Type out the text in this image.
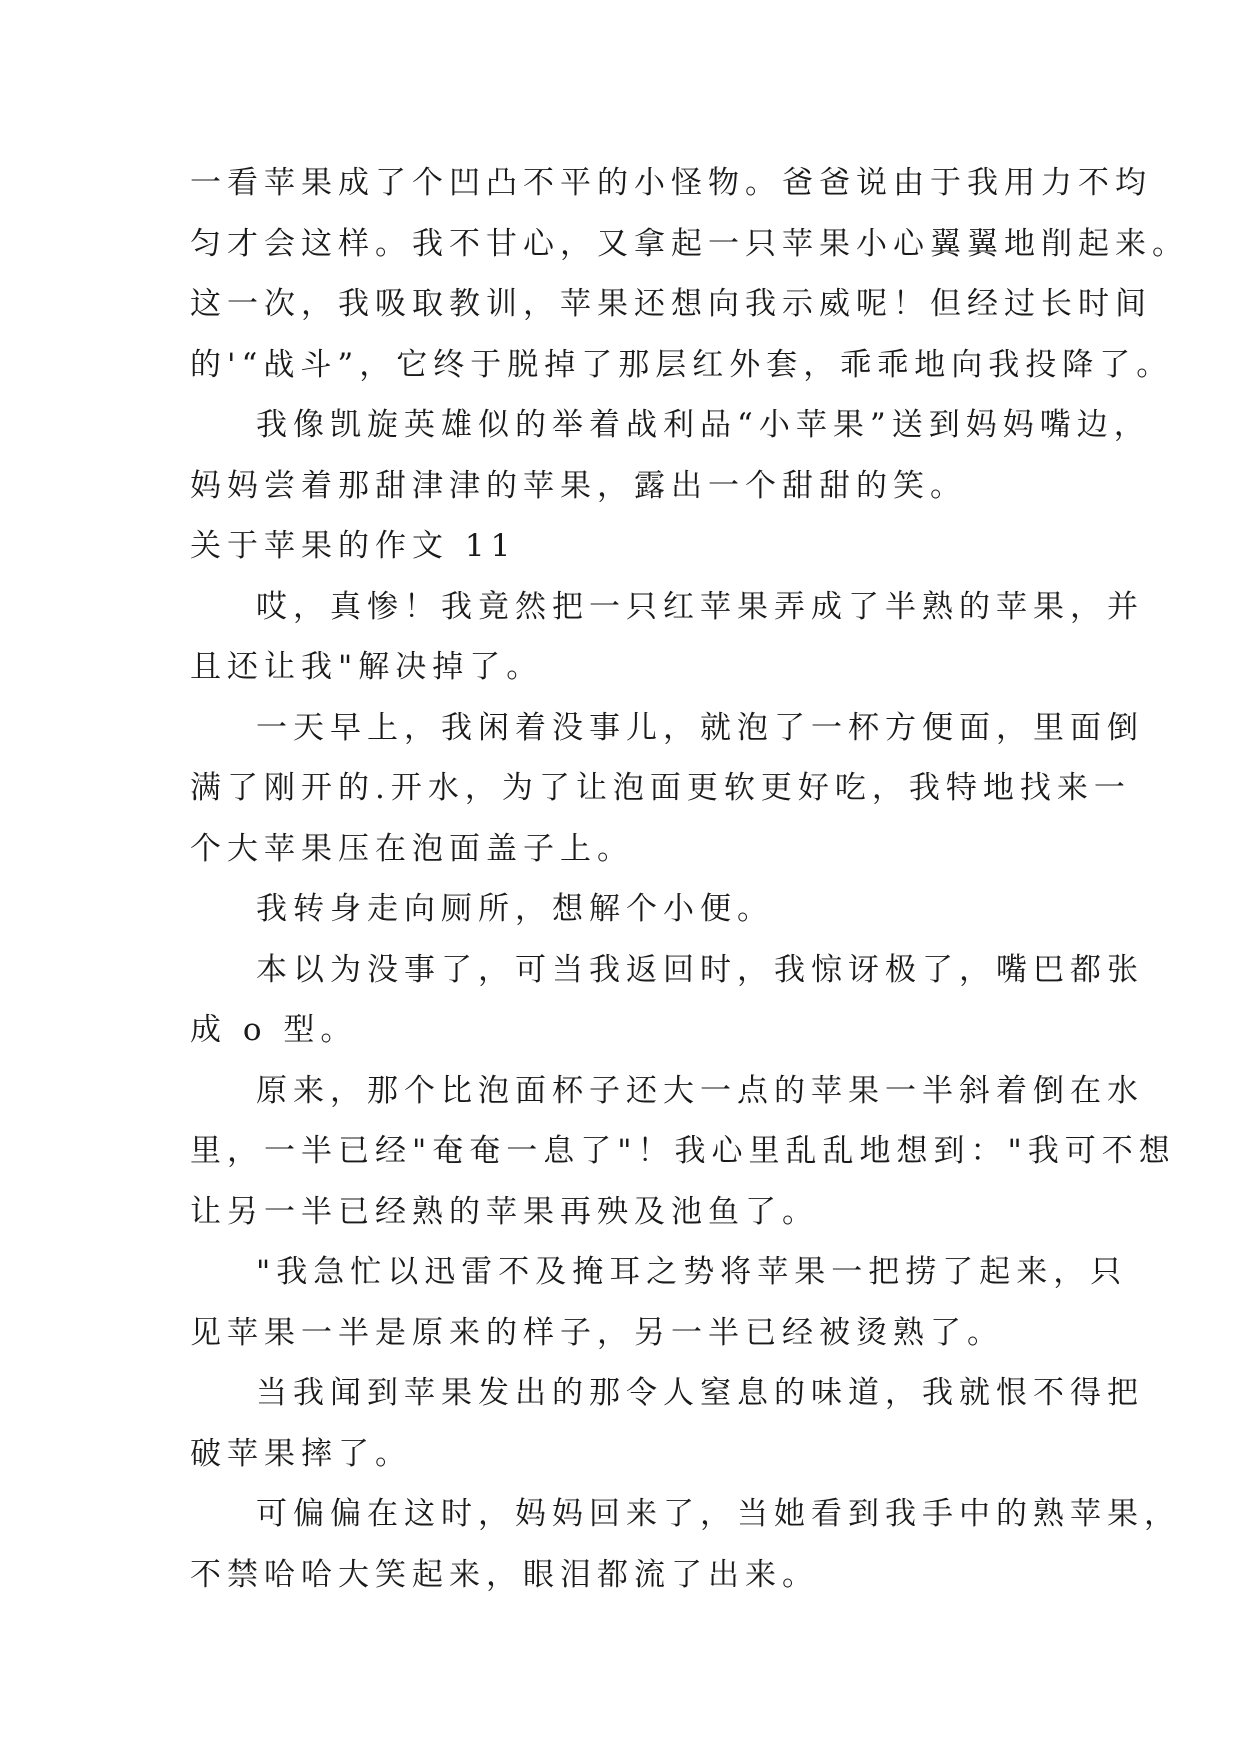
一看苹果成了个凹凸不平的小怪物。爸爸说由于我用力不均
匀才会这样。我不甘心，又拿起一只苹果小心翼翼地削起来。
这一次，我吸取教训，苹果还想向我示威呢！但经过长时间
的'“战斗”，它终于脱掉了那层红外套，乖乖地向我投降了。
我像凯旋英雄似的举着战利品“小苹果”送到妈妈嘴边，
妈妈尝着那甜津津的苹果，露出一个甜甜的笑。
关于苹果的作文 11
哎，真惨！我竟然把一只红苹果弄成了半熟的苹果，并
且还让我"解决掉了。
一天早上，我闲着没事儿，就泡了一杯方便面，里面倒
满了刚开的.开水，为了让泡面更软更好吃，我特地找来一
个大苹果压在泡面盖子上。
我转身走向厕所，想解个小便。
本以为没事了，可当我返回时，我惊讶极了，嘴巴都张
成 o 型。
原来，那个比泡面杯子还大一点的苹果一半斜着倒在水
里，一半已经"奄奄一息了"！我心里乱乱地想到："我可不想
让另一半已经熟的苹果再殃及池鱼了。
"我急忙以迅雷不及掩耳之势将苹果一把捞了起来，只
见苹果一半是原来的样子，另一半已经被烫熟了。
当我闻到苹果发出的那令人窒息的味道，我就恨不得把
破苹果摔了。
可偏偏在这时，妈妈回来了，当她看到我手中的熟苹果，
不禁哈哈大笑起来，眼泪都流了出来。
